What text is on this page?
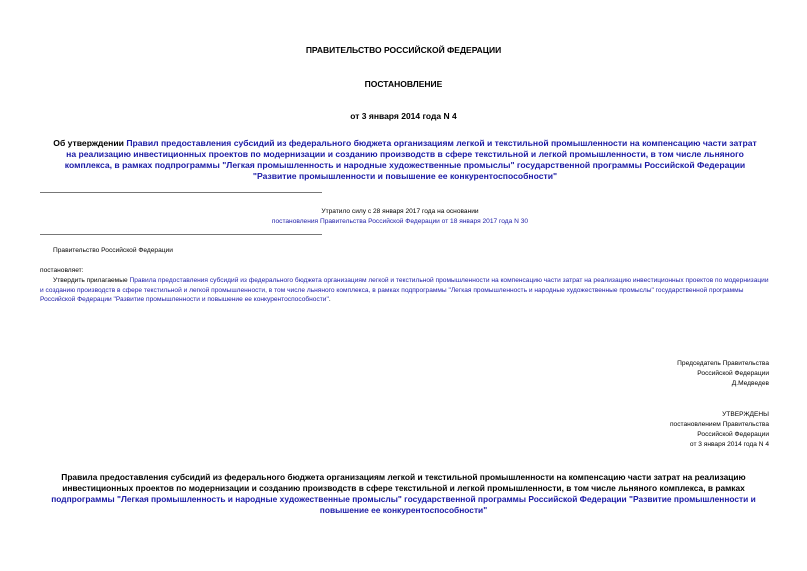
ПРАВИТЕЛЬСТВО РОССИЙСКОЙ ФЕДЕРАЦИИ
ПОСТАНОВЛЕНИЕ
от 3 января 2014 года N 4
Об утверждении Правил предоставления субсидий из федерального бюджета организациям легкой и текстильной промышленности на компенсацию части затрат на реализацию инвестиционных проектов по модернизации и созданию производств в сфере текстильной и легкой промышленности, в том числе льняного комплекса, в рамках подпрограммы "Легкая промышленность и народные художественные промыслы" государственной программы Российской Федерации "Развитие промышленности и повышение ее конкурентоспособности"
Утратило силу с 28 января 2017 года на основании
постановления Правительства Российской Федерации от 18 января 2017 года N 30
Правительство Российской Федерации
постановляет:
Утвердить прилагаемые Правила предоставления субсидий из федерального бюджета организациям легкой и текстильной промышленности на компенсацию части затрат на реализацию инвестиционных проектов по модернизации и созданию производств в сфере текстильной и легкой промышленности, в том числе льняного комплекса, в рамках подпрограммы "Легкая промышленность и народные художественные промыслы" государственной программы Российской Федерации "Развитие промышленности и повышение ее конкурентоспособности".
Председатель Правительства
Российской Федерации
Д.Медведев
УТВЕРЖДЕНЫ
постановлением Правительства
Российской Федерации
от 3 января 2014 года N 4
Правила предоставления субсидий из федерального бюджета организациям легкой и текстильной промышленности на компенсацию части затрат на реализацию инвестиционных проектов по модернизации и созданию производств в сфере текстильной и легкой промышленности, в том числе льняного комплекса, в рамках подпрограммы "Легкая промышленность и народные художественные промыслы" государственной программы Российской Федерации "Развитие промышленности и повышение ее конкурентоспособности"
